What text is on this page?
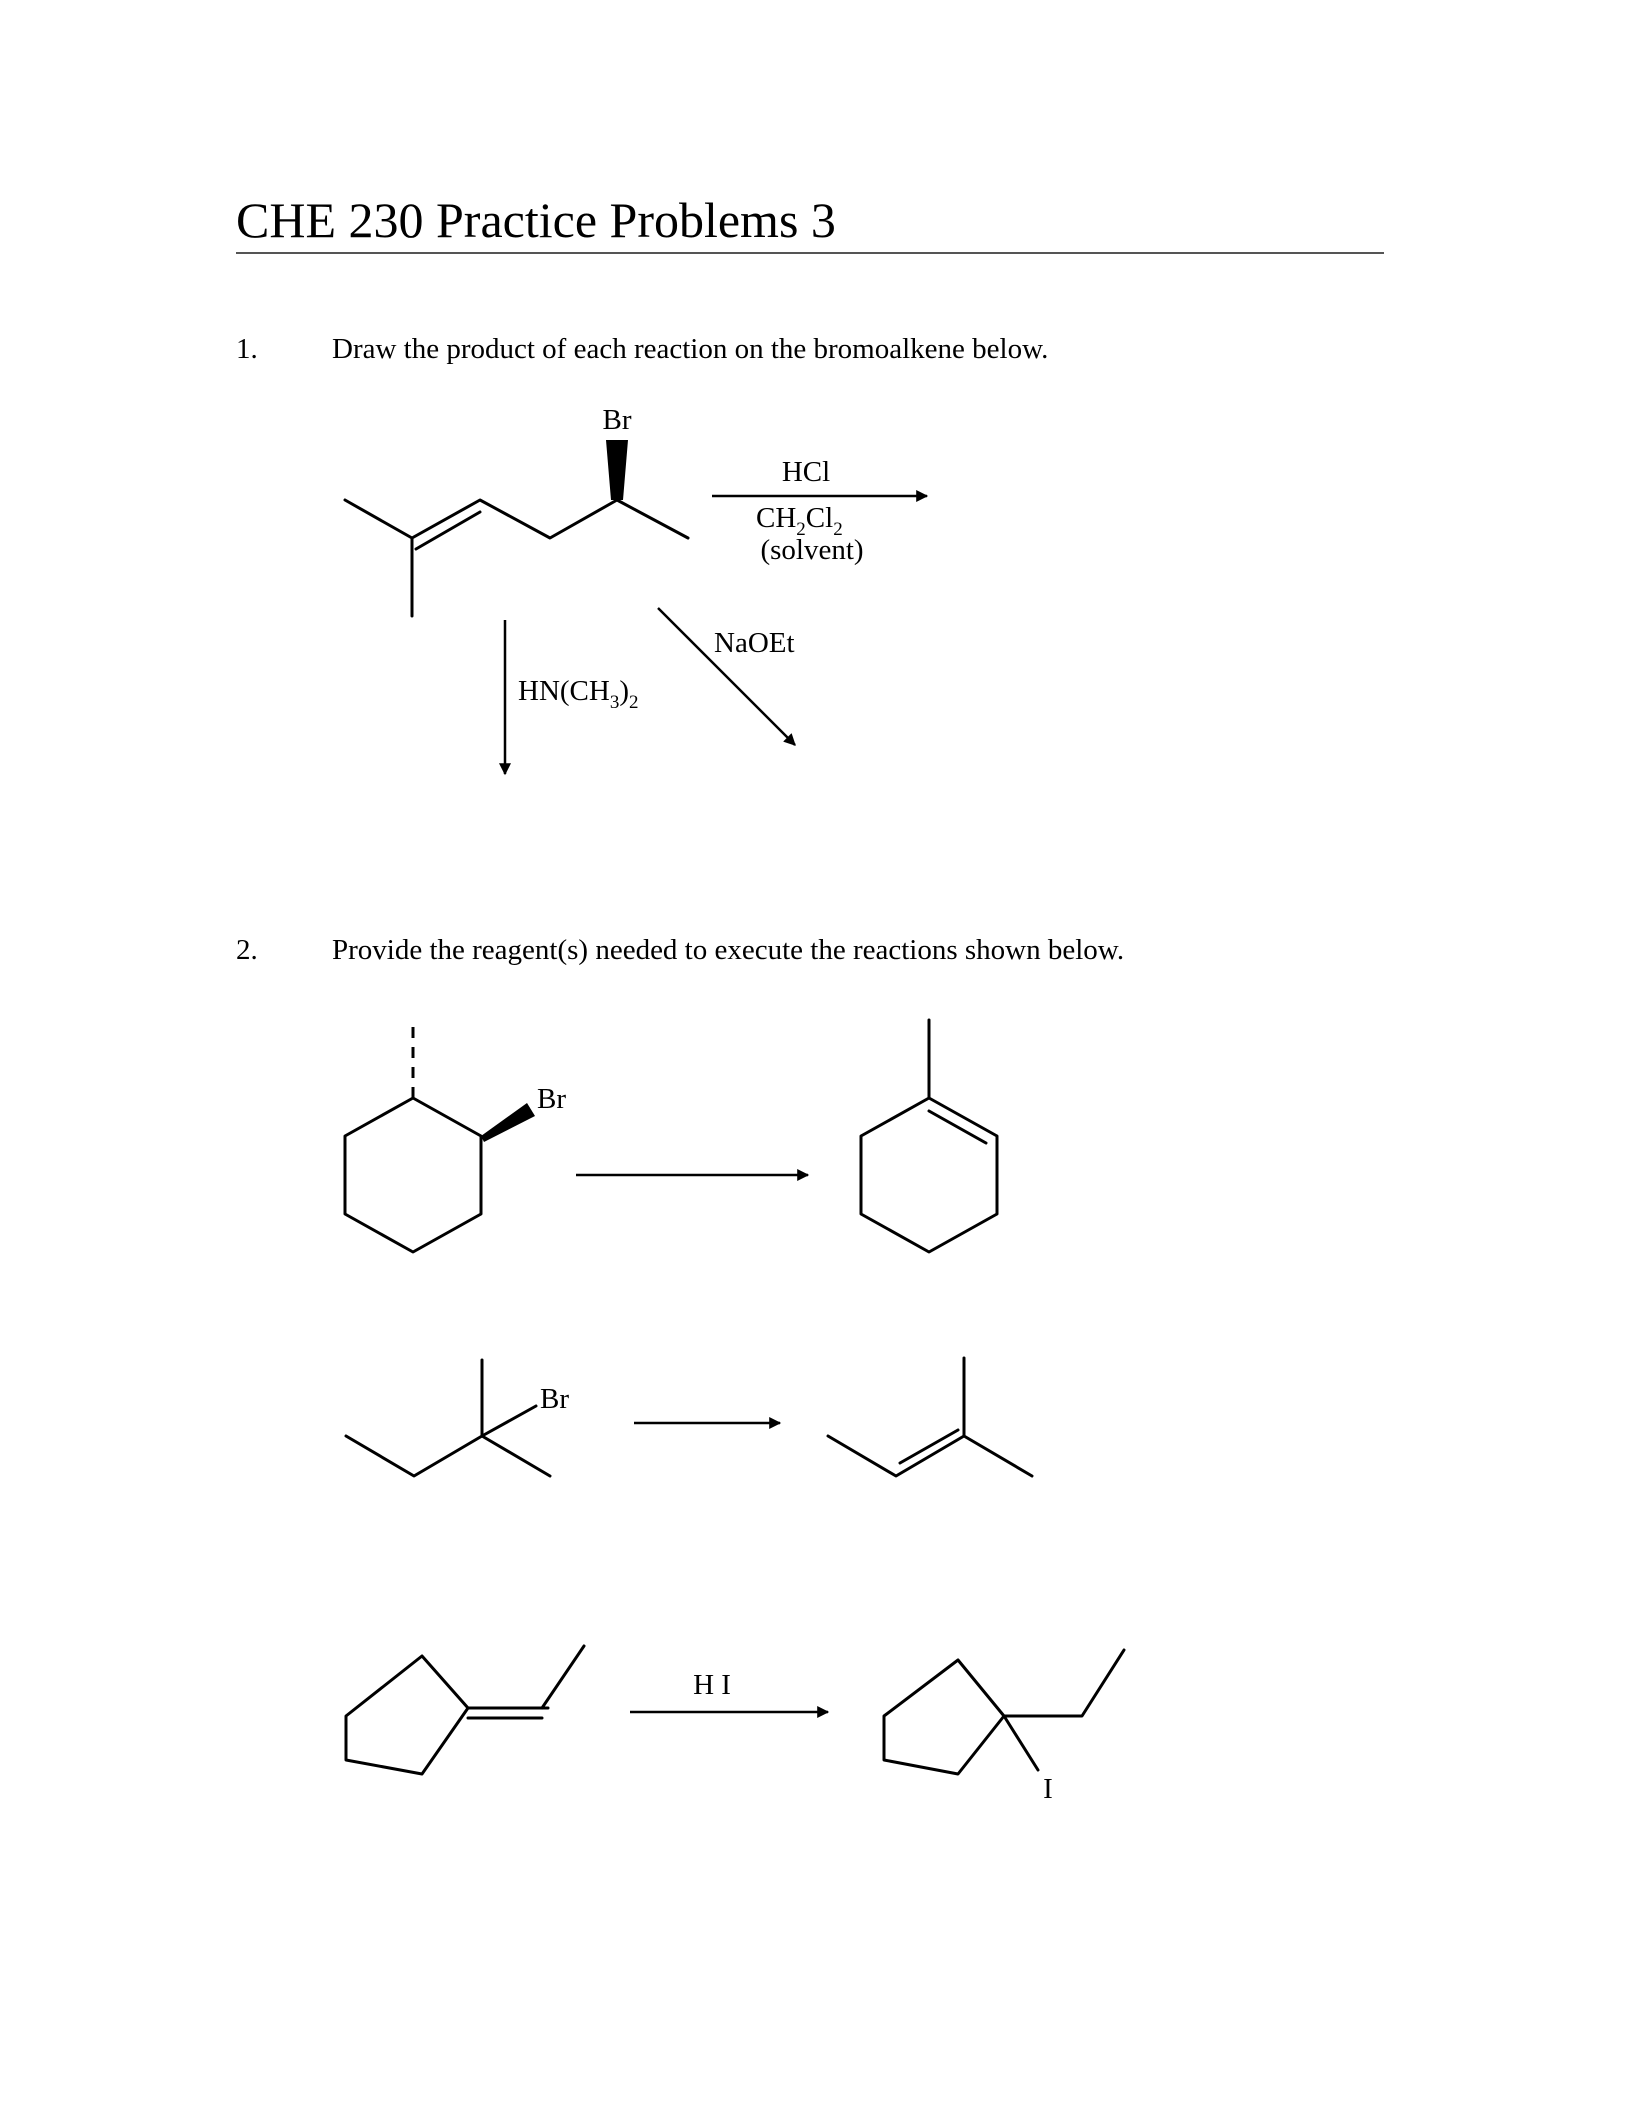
CHE 230 Practice Problems 3
1.	Draw the product of each reaction on the bromoalkene below.
2.	Provide the reagent(s) needed to execute the reactions shown below.
Br
HCl
$CH_2Cl_2$
(solvent)
$HN(CH_3)_2$
NaOEt
Br
Br
H I
I
